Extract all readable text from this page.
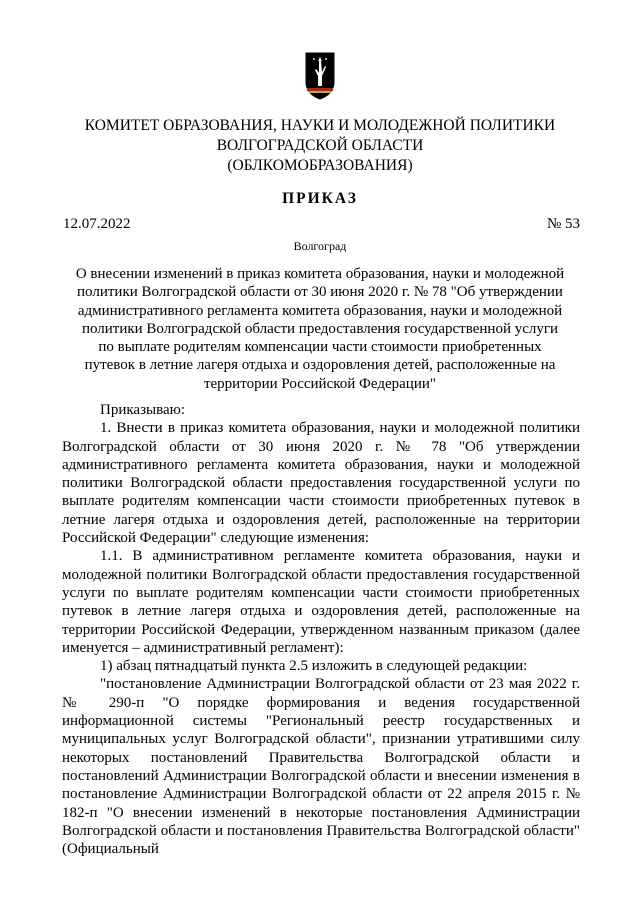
КОМИТЕТ ОБРАЗОВАНИЯ, НАУКИ И МОЛОДЕЖНОЙ ПОЛИТИКИ
ВОЛГОГРАДСКОЙ ОБЛАСТИ
(ОБЛКОМОБРАЗОВАНИЯ)
ПРИКАЗ
12.07.2022	№ 53
Волгоград
О внесении изменений в приказ комитета образования, науки и молодежной политики Волгоградской области от 30 июня 2020 г. № 78 "Об утверждении административного регламента комитета образования, науки и молодежной политики Волгоградской области предоставления государственной услуги по выплате родителям компенсации части стоимости приобретенных путевок в летние лагеря отдыха и оздоровления детей, расположенные на территории Российской Федерации"

Приказываю:

1. Внести в приказ комитета образования, науки и молодежной политики Волгоградской области от 30 июня 2020 г. № 78 "Об утверждении административного регламента комитета образования, науки и молодежной политики Волгоградской области предоставления государственной услуги по выплате родителям компенсации части стоимости приобретенных путевок в летние лагеря отдыха и оздоровления детей, расположенные на территории Российской Федерации" следующие изменения:

1.1. В административном регламенте комитета образования, науки и молодежной политики Волгоградской области предоставления государственной услуги по выплате родителям компенсации части стоимости приобретенных путевок в летние лагеря отдыха и оздоровления детей, расположенные на территории Российской Федерации, утвержденном названным приказом (далее именуется – административный регламент):

1) абзац пятнадцатый пункта 2.5 изложить в следующей редакции:

"постановление Администрации Волгоградской области от 23 мая 2022 г. № 290-п "О порядке формирования и ведения государственной информационной системы "Региональный реестр государственных и муниципальных услуг Волгоградской области", признании утратившими силу некоторых постановлений Правительства Волгоградской области и постановлений Администрации Волгоградской области и внесении изменения в постановление Администрации Волгоградской области от 22 апреля 2015 г. № 182-п "О внесении изменений в некоторые постановления Администрации Волгоградской области и постановления Правительства Волгоградской области" (Официальный
